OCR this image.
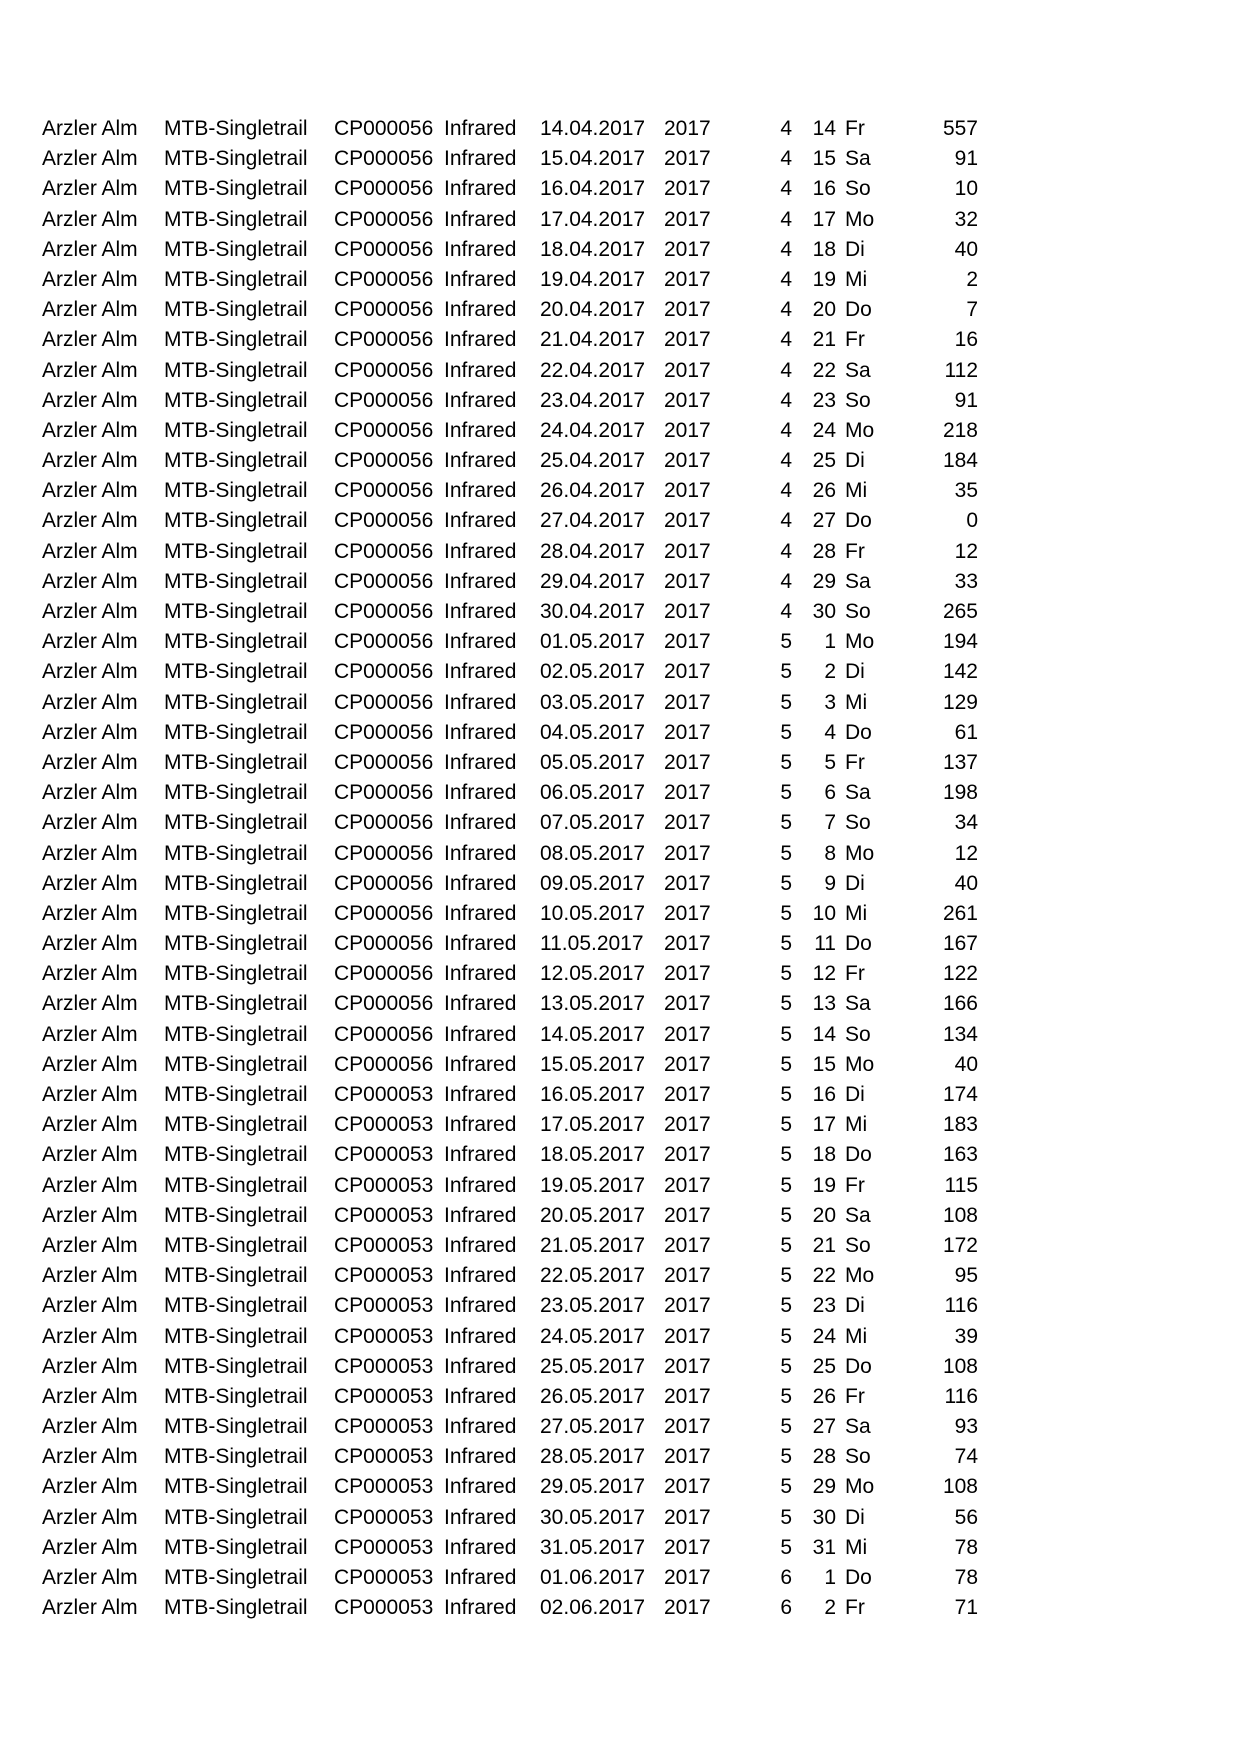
Arzler Alm MTB-Singletrail CP000056 Infrared 14.04.2017 2017	4 14 Fr	557
Arzler Alm MTB-Singletrail CP000056 Infrared 15.04.2017 2017	4 15 Sa	91
Arzler Alm MTB-Singletrail CP000056 Infrared 16.04.2017 2017	4 16 So	10
Arzler Alm MTB-Singletrail CP000056 Infrared 17.04.2017 2017	4 17 Mo	32
Arzler Alm MTB-Singletrail CP000056 Infrared 18.04.2017 2017	4 18 Di	40
Arzler Alm MTB-Singletrail CP000056 Infrared 19.04.2017 2017	4 19 Mi	2
Arzler Alm MTB-Singletrail CP000056 Infrared 20.04.2017 2017	4 20 Do	7
Arzler Alm MTB-Singletrail CP000056 Infrared 21.04.2017 2017	4 21 Fr	16
Arzler Alm MTB-Singletrail CP000056 Infrared 22.04.2017 2017	4 22 Sa	112
Arzler Alm MTB-Singletrail CP000056 Infrared 23.04.2017 2017	4 23 So	91
Arzler Alm MTB-Singletrail CP000056 Infrared 24.04.2017 2017	4 24 Mo	218
Arzler Alm MTB-Singletrail CP000056 Infrared 25.04.2017 2017	4 25 Di	184
Arzler Alm MTB-Singletrail CP000056 Infrared 26.04.2017 2017	4 26 Mi	35
Arzler Alm MTB-Singletrail CP000056 Infrared 27.04.2017 2017	4 27 Do	0
Arzler Alm MTB-Singletrail CP000056 Infrared 28.04.2017 2017	4 28 Fr	12
Arzler Alm MTB-Singletrail CP000056 Infrared 29.04.2017 2017	4 29 Sa	33
Arzler Alm MTB-Singletrail CP000056 Infrared 30.04.2017 2017	4 30 So	265
Arzler Alm MTB-Singletrail CP000056 Infrared 01.05.2017 2017	5	1 Mo	194
Arzler Alm MTB-Singletrail CP000056 Infrared 02.05.2017 2017	5	2 Di	142
Arzler Alm MTB-Singletrail CP000056 Infrared 03.05.2017 2017	5	3 Mi	129
Arzler Alm MTB-Singletrail CP000056 Infrared 04.05.2017 2017	5	4 Do	61
Arzler Alm MTB-Singletrail CP000056 Infrared 05.05.2017 2017	5	5 Fr	137
Arzler Alm MTB-Singletrail CP000056 Infrared 06.05.2017 2017	5	6 Sa	198
Arzler Alm MTB-Singletrail CP000056 Infrared 07.05.2017 2017	5	7 So	34
Arzler Alm MTB-Singletrail CP000056 Infrared 08.05.2017 2017	5	8 Mo	12
Arzler Alm MTB-Singletrail CP000056 Infrared 09.05.2017 2017	5	9 Di	40
Arzler Alm MTB-Singletrail CP000056 Infrared 10.05.2017 2017	5 10 Mi	261
Arzler Alm MTB-Singletrail CP000056 Infrared 11.05.2017 2017	5	11 Do	167
Arzler Alm MTB-Singletrail CP000056 Infrared 12.05.2017 2017	5 12 Fr	122
Arzler Alm MTB-Singletrail CP000056 Infrared 13.05.2017 2017	5 13 Sa	166
Arzler Alm MTB-Singletrail CP000056 Infrared 14.05.2017 2017	5 14 So	134
Arzler Alm MTB-Singletrail CP000056 Infrared 15.05.2017 2017	5 15 Mo	40
Arzler Alm MTB-Singletrail CP000053 Infrared 16.05.2017 2017	5 16 Di	174
Arzler Alm MTB-Singletrail CP000053 Infrared 17.05.2017 2017	5 17 Mi	183
Arzler Alm MTB-Singletrail CP000053 Infrared 18.05.2017 2017	5 18 Do	163
Arzler Alm MTB-Singletrail CP000053 Infrared 19.05.2017 2017	5 19 Fr	115
Arzler Alm MTB-Singletrail CP000053 Infrared 20.05.2017 2017	5 20 Sa	108
Arzler Alm MTB-Singletrail CP000053 Infrared 21.05.2017 2017	5 21 So	172
Arzler Alm MTB-Singletrail CP000053 Infrared 22.05.2017 2017	5 22 Mo	95
Arzler Alm MTB-Singletrail CP000053 Infrared 23.05.2017 2017	5 23 Di	116
Arzler Alm MTB-Singletrail CP000053 Infrared 24.05.2017 2017	5 24 Mi	39
Arzler Alm MTB-Singletrail CP000053 Infrared 25.05.2017 2017	5 25 Do	108
Arzler Alm MTB-Singletrail CP000053 Infrared 26.05.2017 2017	5 26 Fr	116
Arzler Alm MTB-Singletrail CP000053 Infrared 27.05.2017 2017	5 27 Sa	93
Arzler Alm MTB-Singletrail CP000053 Infrared 28.05.2017 2017	5 28 So	74
Arzler Alm MTB-Singletrail CP000053 Infrared 29.05.2017 2017	5 29 Mo	108
Arzler Alm MTB-Singletrail CP000053 Infrared 30.05.2017 2017	5 30 Di	56
Arzler Alm MTB-Singletrail CP000053 Infrared 31.05.2017 2017	5 31 Mi	78
Arzler Alm MTB-Singletrail CP000053 Infrared 01.06.2017 2017	6	1 Do	78
Arzler Alm MTB-Singletrail CP000053 Infrared 02.06.2017 2017	6	2 Fr	71
